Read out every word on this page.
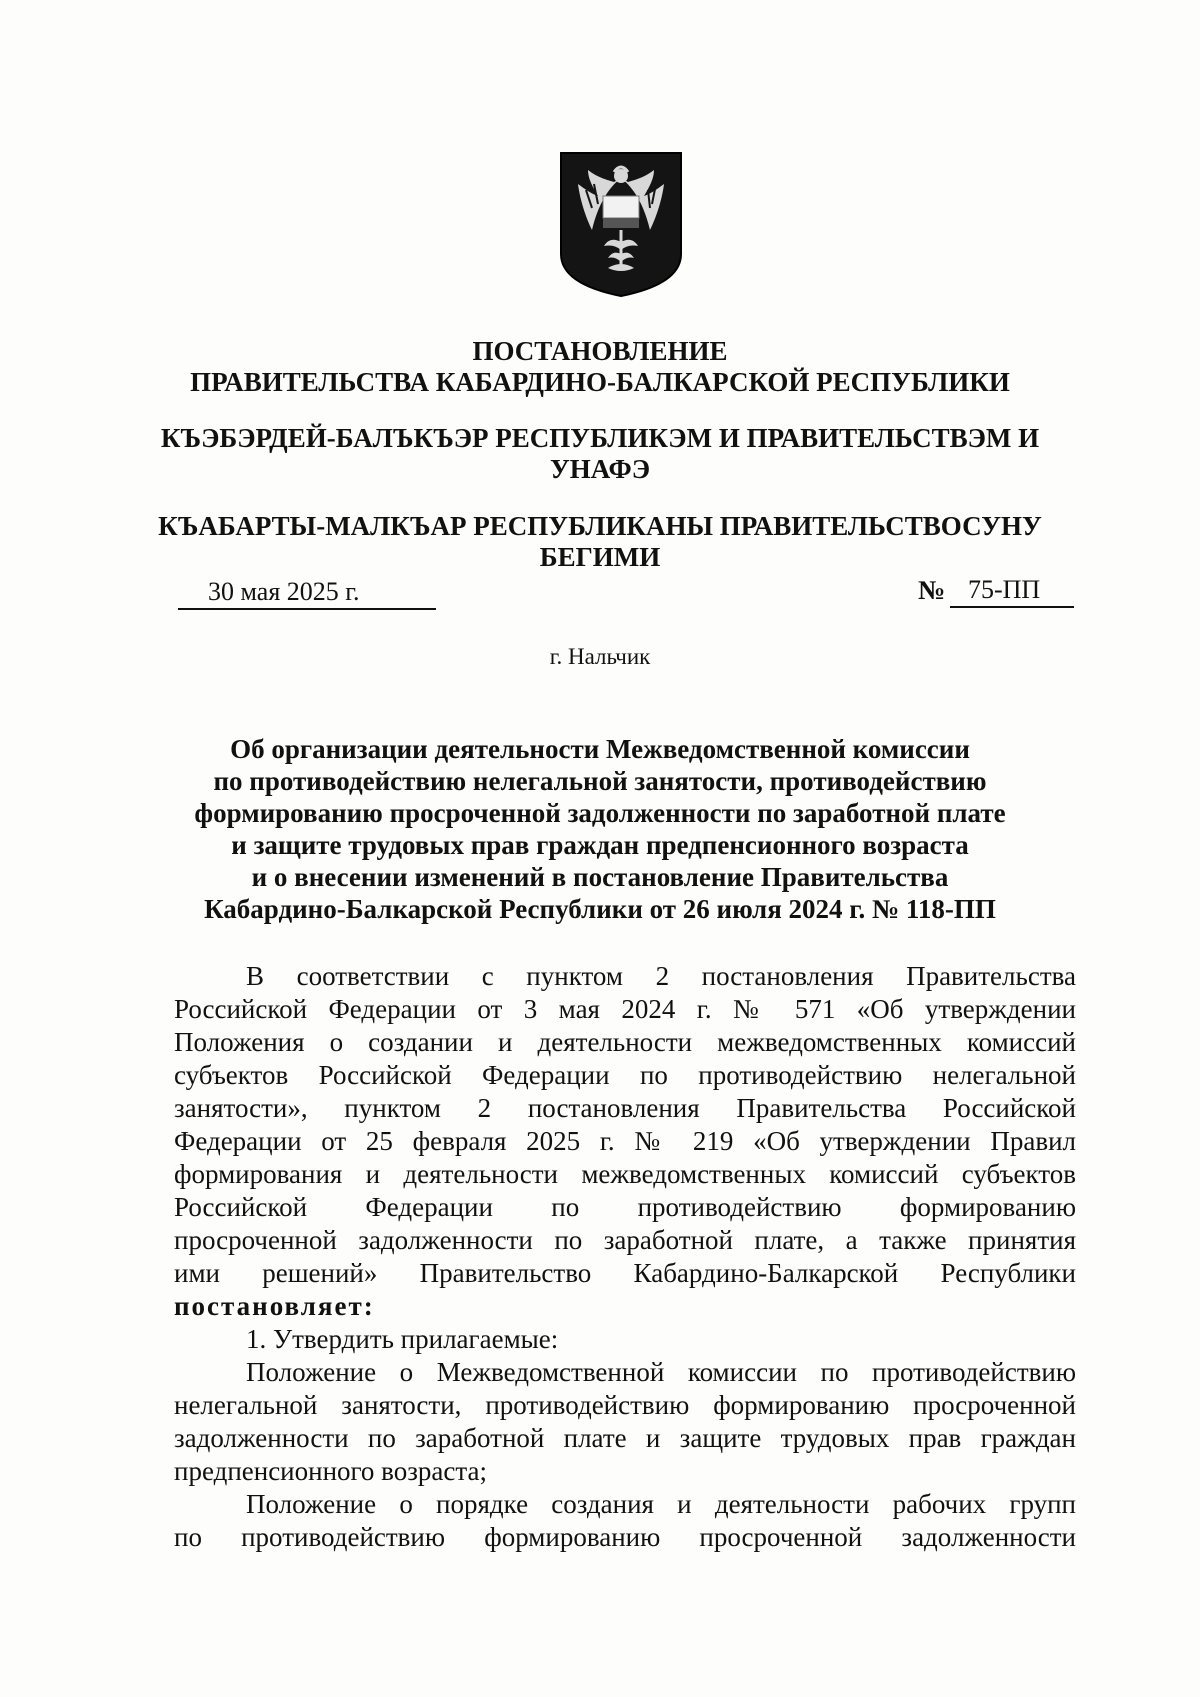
ПОСТАНОВЛЕНИЕ
ПРАВИТЕЛЬСТВА КАБАРДИНО-БАЛКАРСКОЙ РЕСПУБЛИКИ
КЪЭБЭРДЕЙ-БАЛЪКЪЭР РЕСПУБЛИКЭМ И ПРАВИТЕЛЬСТВЭМ И
УНАФЭ
КЪАБАРТЫ-МАЛКЪАР РЕСПУБЛИКАНЫ ПРАВИТЕЛЬСТВОСУНУ
БЕГИМИ
30 мая 2025 г.	№ 75-ПП
г. Нальчик
Об организации деятельности Межведомственной комиссии
по противодействию нелегальной занятости, противодействию
формированию просроченной задолженности по заработной плате
и защите трудовых прав граждан предпенсионного возраста
и о внесении изменений в постановление Правительства
Кабардино-Балкарской Республики от 26 июля 2024 г. № 118-ПП
В соответствии с пунктом 2 постановления Правительства
Российской Федерации от 3 мая 2024 г. № 571 «Об утверждении
Положения о создании и деятельности межведомственных комиссий
субъектов Российской Федерации по противодействию нелегальной
занятости», пунктом 2 постановления Правительства Российской
Федерации от 25 февраля 2025 г. № 219 «Об утверждении Правил
формирования и деятельности межведомственных комиссий субъектов
Российской Федерации по противодействию формированию
просроченной задолженности по заработной плате, а также принятия
ими решений» Правительство Кабардино-Балкарской Республики
постановляет:
1. Утвердить прилагаемые:
Положение о Межведомственной комиссии по противодействию
нелегальной занятости, противодействию формированию просроченной
задолженности по заработной плате и защите трудовых прав граждан
предпенсионного возраста;
Положение о порядке создания и деятельности рабочих групп
по противодействию формированию просроченной задолженности
